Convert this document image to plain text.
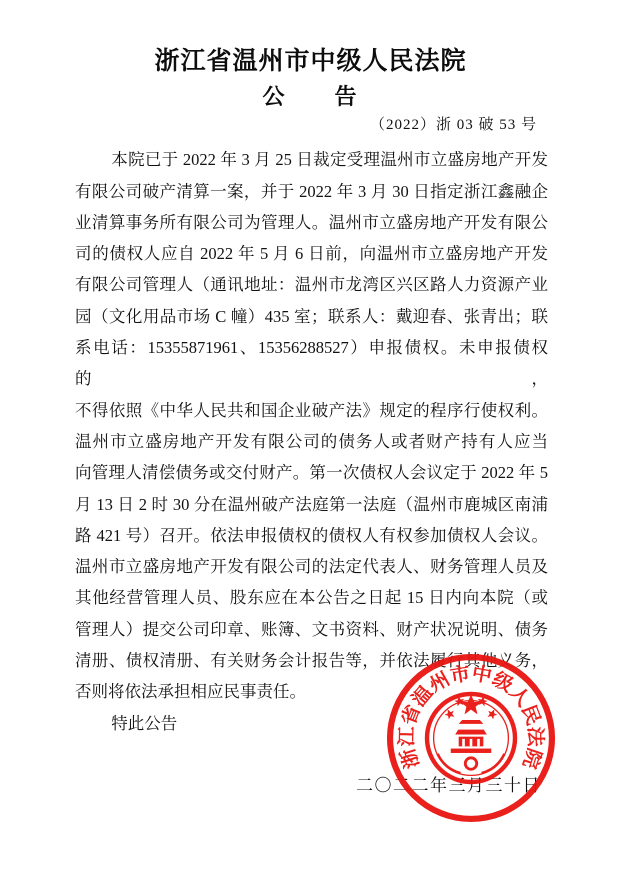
浙江省温州市中级人民法院
公　　告
（2022）浙 03 破 53 号
本院已于 2022 年 3 月 25 日裁定受理温州市立盛房地产开发
有限公司破产清算一案，并于 2022 年 3 月 30 日指定浙江鑫融企
业清算事务所有限公司为管理人。温州市立盛房地产开发有限公
司的债权人应自 2022 年 5 月 6 日前，向温州市立盛房地产开发
有限公司管理人（通讯地址：温州市龙湾区兴区路人力资源产业
园（文化用品市场 C 幢）435 室；联系人：戴迎春、张青出；联
系电话：15355871961、15356288527）申报债权。未申报债权的，
不得依照《中华人民共和国企业破产法》规定的程序行使权利。
温州市立盛房地产开发有限公司的债务人或者财产持有人应当
向管理人清偿债务或交付财产。第一次债权人会议定于 2022 年 5
月 13 日 2 时 30 分在温州破产法庭第一法庭（温州市鹿城区南浦
路 421 号）召开。依法申报债权的债权人有权参加债权人会议。
温州市立盛房地产开发有限公司的法定代表人、财务管理人员及
其他经营管理人员、股东应在本公告之日起 15 日内向本院（或
管理人）提交公司印章、账簿、文书资料、财产状况说明、债务
清册、债权清册、有关财务会计报告等，并依法履行其他义务，
否则将依法承担相应民事责任。
特此公告
二〇二二年三月三十日
浙江省温州市中级人民法院
